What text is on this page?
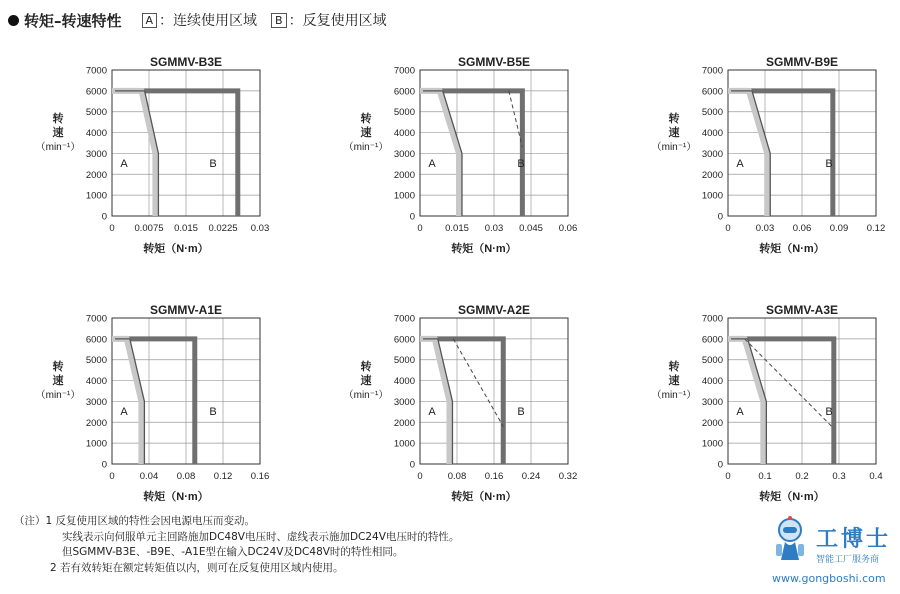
转矩–转速特性	A ：连续使用区域	B ：反复使用区域
A	B
SGMMV-B3E
0
1000
2000
3000
4000
5000
6000
7000
0 0.0075 0.015 0.0225 0.03
转
速
（min⁻¹）
转矩（N·m）
A	B
SGMMV-B5E
0
1000
2000
3000
4000
5000
6000
7000
0 0.015 0.03 0.045 0.06
转
速
（min⁻¹）
转矩（N·m）
A	B
SGMMV-B9E
0
1000
2000
3000
4000
5000
6000
7000
0	0.03 0.06 0.09 0.12
转
速
（min⁻¹）
转矩（N·m）
A	B
SGMMV-A1E
0
1000
2000
3000
4000
5000
6000
7000
0	0.04 0.08 0.12 0.16
转
速
（min⁻¹）
转矩（N·m）
A	B
SGMMV-A2E
0
1000
2000
3000
4000
5000
6000
7000
0	0.08 0.16 0.24 0.32
转
速
（min⁻¹）
转矩（N·m）
A	B
SGMMV-A3E
0
1000
2000
3000
4000
5000
6000
7000
0	0.1	0.2	0.3	0.4
转
速
（min⁻¹）
转矩（N·m）
（注）1 反复使用区域的特性会因电源电压而变动。
实线表示向伺服单元主回路施加DC48V电压时、虚线表示施加DC24V电压时的特性。
但SGMMV-B3E、-B9E、-A1E型在输入DC24V及DC48V时的特性相同。
2 若有效转矩在额定转矩值以内，则可在反复使用区域内使用。
工博士
智能工厂服务商
www.gongboshi.com
